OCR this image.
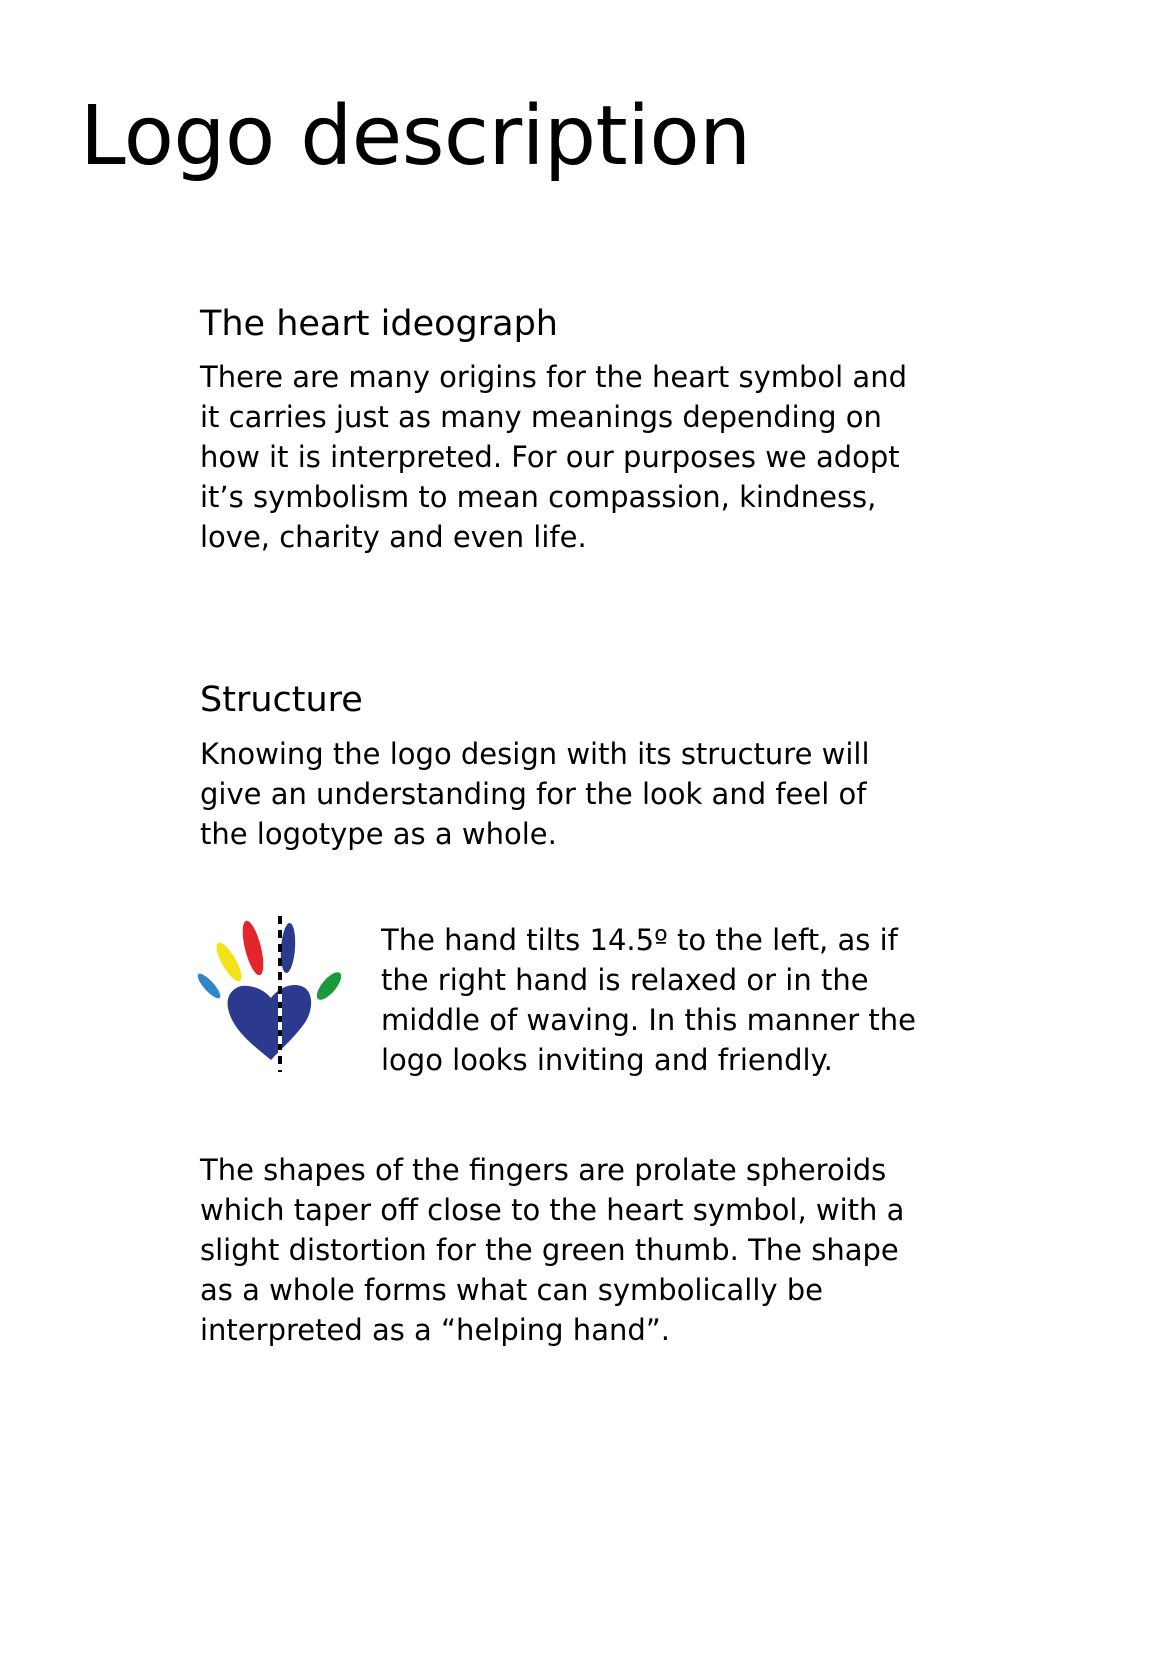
Logo description
The heart ideograph

There are many origins for the heart symbol and
it carries just as many meanings depending on
how it is interpreted. For our purposes we adopt
it’s symbolism to mean compassion, kindness,
love, charity and even life.

Structure

Knowing the logo design with its structure will
give an understanding for the look and feel of
the logotype as a whole.

The hand tilts 14.5º to the left, as if
the right hand is relaxed or in the
middle of waving. In this manner the
logo looks inviting and friendly.

The shapes of the fingers are prolate spheroids
which taper off close to the heart symbol, with a
slight distortion for the green thumb. The shape
as a whole forms what can symbolically be
interpreted as a “helping hand”.
